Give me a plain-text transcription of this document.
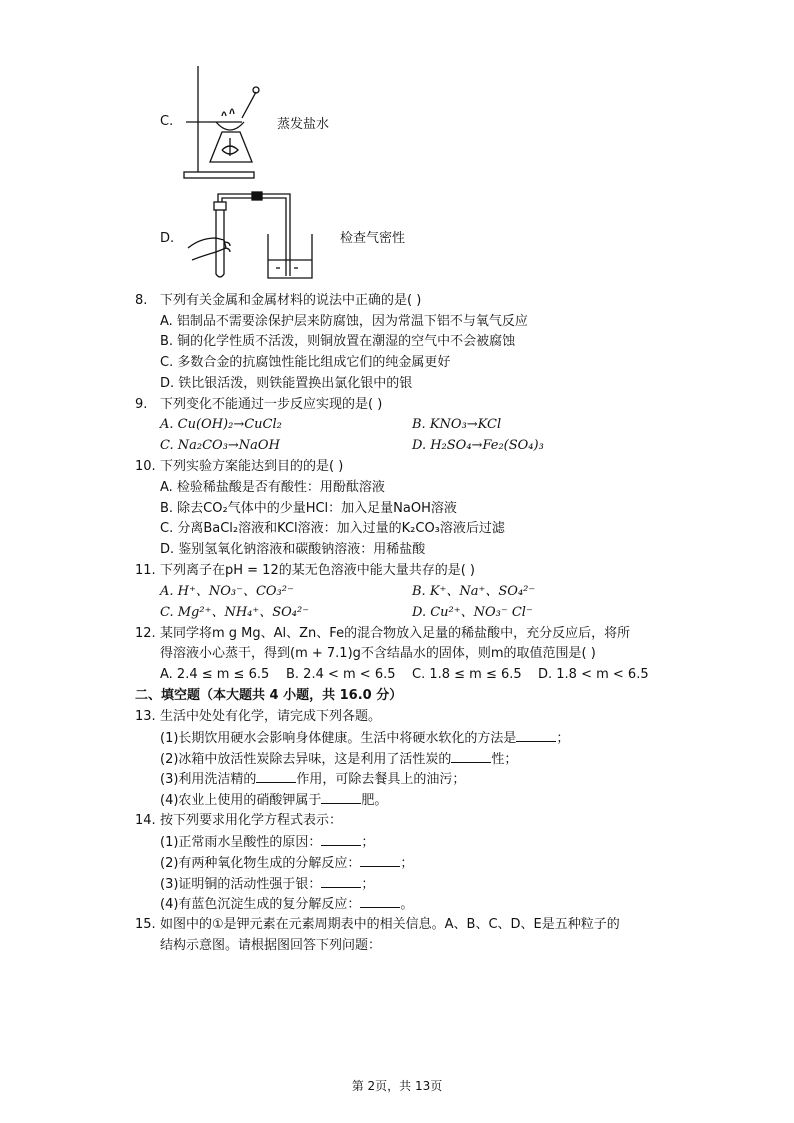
C.	蒸发盐水
D.	检查气密性
8. 下列有关金属和金属材料的说法中正确的是( )
A. 铝制品不需要涂保护层来防腐蚀，因为常温下铝不与氧气反应
B. 铜的化学性质不活泼，则铜放置在潮湿的空气中不会被腐蚀
C. 多数合金的抗腐蚀性能比组成它们的纯金属更好
D. 铁比银活泼，则铁能置换出氯化银中的银
9. 下列变化不能通过一步反应实现的是( )
A. Cu(OH)₂→CuCl₂	B. KNO₃→KCl
C. Na₂CO₃→NaOH	D. H₂SO₄→Fe₂(SO₄)₃
10. 下列实验方案能达到目的的是( )
A. 检验稀盐酸是否有酸性：用酚酞溶液
B. 除去CO₂气体中的少量HCl：加入足量NaOH溶液
C. 分离BaCl₂溶液和KCl溶液：加入过量的K₂CO₃溶液后过滤
D. 鉴别氢氧化钠溶液和碳酸钠溶液：用稀盐酸
11. 下列离子在pH = 12的某无色溶液中能大量共存的是( )
A. H⁺、NO₃⁻、CO₃²⁻	B. K⁺、Na⁺、SO₄²⁻
C. Mg²⁺、NH₄⁺、SO₄²⁻	D. Cu²⁺、NO₃⁻ Cl⁻
12. 某同学将m g Mg、Al、Zn、Fe的混合物放入足量的稀盐酸中，充分反应后，将所
得溶液小心蒸干，得到(m + 7.1)g不含结晶水的固体，则m的取值范围是( )
A. 2.4 ≤ m ≤ 6.5 B. 2.4 < m < 6.5 C. 1.8 ≤ m ≤ 6.5 D. 1.8 < m < 6.5
二、填空题（本大题共 4 小题，共 16.0 分）
13. 生活中处处有化学，请完成下列各题。
(1)长期饮用硬水会影响身体健康。生活中将硬水软化的方法是	；
(2)冰箱中放活性炭除去异味，这是利用了活性炭的	性；
(3)利用洗洁精的	作用，可除去餐具上的油污；
(4)农业上使用的硝酸钾属于	肥。
14. 按下列要求用化学方程式表示：
(1)正常雨水呈酸性的原因：	；
(2)有两种氧化物生成的分解反应：	；
(3)证明铜的活动性强于银：	；
(4)有蓝色沉淀生成的复分解反应：	。
15. 如图中的①是钾元素在元素周期表中的相关信息。A、B、C、D、E是五种粒子的
结构示意图。请根据图回答下列问题：
第 2页，共 13页
